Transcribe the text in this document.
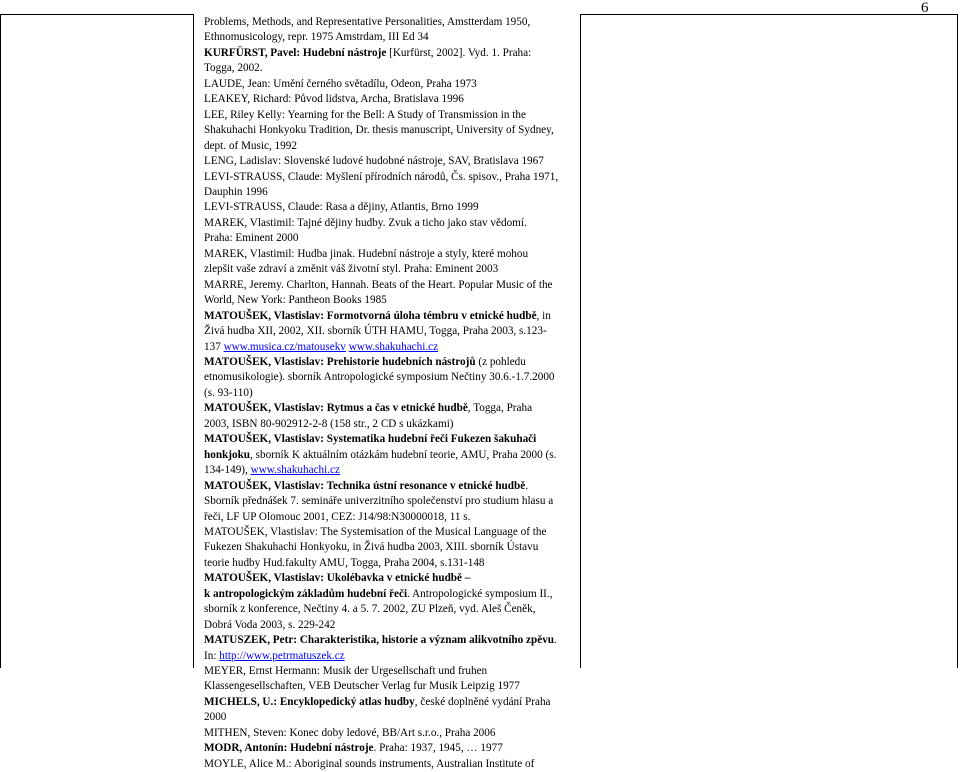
6
Problems, Methods, and Representative Personalities, Amstterdam 1950,
Ethnomusicology, repr. 1975 Amstrdam, III Ed 34
KURFÜRST, Pavel: Hudební nástroje [Kurfürst, 2002]. Vyd. 1. Praha:
Togga, 2002.
LAUDE, Jean: Umění černého světadílu, Odeon, Praha 1973
LEAKEY, Richard: Původ lidstva, Archa, Bratislava 1996
LEE, Riley Kelly: Yearning for the Bell: A Study of Transmission in the
Shakuhachi Honkyoku Tradition, Dr. thesis manuscript, University of Sydney,
dept. of Music, 1992
LENG, Ladislav: Slovenské ludové hudobné nástroje, SAV, Bratislava 1967
LEVI-STRAUSS, Claude: Myšlení přírodních národů, Čs. spisov., Praha 1971,
Dauphin 1996
LEVI-STRAUSS, Claude: Rasa a dějiny, Atlantis, Brno 1999
MAREK, Vlastimil: Tajné dějiny hudby. Zvuk a ticho jako stav vědomí.
Praha: Eminent 2000
MAREK, Vlastimil: Hudba jinak. Hudební nástroje a styly, které mohou
zlepšit vaše zdraví a změnit váš životní styl. Praha: Eminent 2003
MARRE, Jeremy. Charlton, Hannah. Beats of the Heart. Popular Music of the
World, New York: Pantheon Books 1985
MATOUŠEK, Vlastislav: Formotvorná úloha témbru v etnické hudbě, in
Živá hudba XII, 2002, XII. sborník ÚTH HAMU, Togga, Praha 2003, s.123-
137 www.musica.cz/matousekv www.shakuhachi.cz
MATOUŠEK, Vlastislav: Prehistorie hudebních nástrojů (z pohledu
etnomusikologie). sborník Antropologické symposium Nečtiny 30.6.-1.7.2000
(s. 93-110)
MATOUŠEK, Vlastislav: Rytmus a čas v etnické hudbě, Togga, Praha
2003, ISBN 80-902912-2-8 (158 str., 2 CD s ukázkami)
MATOUŠEK, Vlastislav: Systematika hudební řeči Fukezen šakuhači
honkjoku, sborník K aktuálním otázkám hudební teorie, AMU, Praha 2000 (s.
134-149), www.shakuhachi.cz
MATOUŠEK, Vlastislav: Technika ústní resonance v etnické hudbě.
Sborník přednášek 7. semináře univerzitního společenství pro studium hlasu a
řeči, LF UP Olomouc 2001, CEZ: J14/98:N30000018, 11 s.
MATOUŠEK, Vlastislav: The Systemisation of the Musical Language of the
Fukezen Shakuhachi Honkyoku, in Živá hudba 2003, XIII. sborník Ústavu
teorie hudby Hud.fakulty AMU, Togga, Praha 2004, s.131-148
MATOUŠEK, Vlastislav: Ukolébavka v etnické hudbě –
k antropologickým základům hudební řeči. Antropologické symposium II.,
sborník z konference, Nečtiny 4. a 5. 7. 2002, ZU Plzeň, vyd. Aleš Čeněk,
Dobrá Voda 2003, s. 229-242
MATUSZEK, Petr: Charakteristika, historie a význam alikvotního zpěvu.
In: http://www.petrmatuszek.cz
MEYER, Ernst Hermann: Musik der Urgesellschaft und fruhen
Klassengesellschaften, VEB Deutscher Verlag fur Musik Leipzig 1977
MICHELS, U.: Encyklopedický atlas hudby, české doplněné vydání Praha
2000
MITHEN, Steven: Konec doby ledové, BB/Art s.r.o., Praha 2006
MODR, Antonín: Hudební nástroje. Praha: 1937, 1945, … 1977
MOYLE, Alice M.: Aboriginal sounds instruments, Australian Institute of
